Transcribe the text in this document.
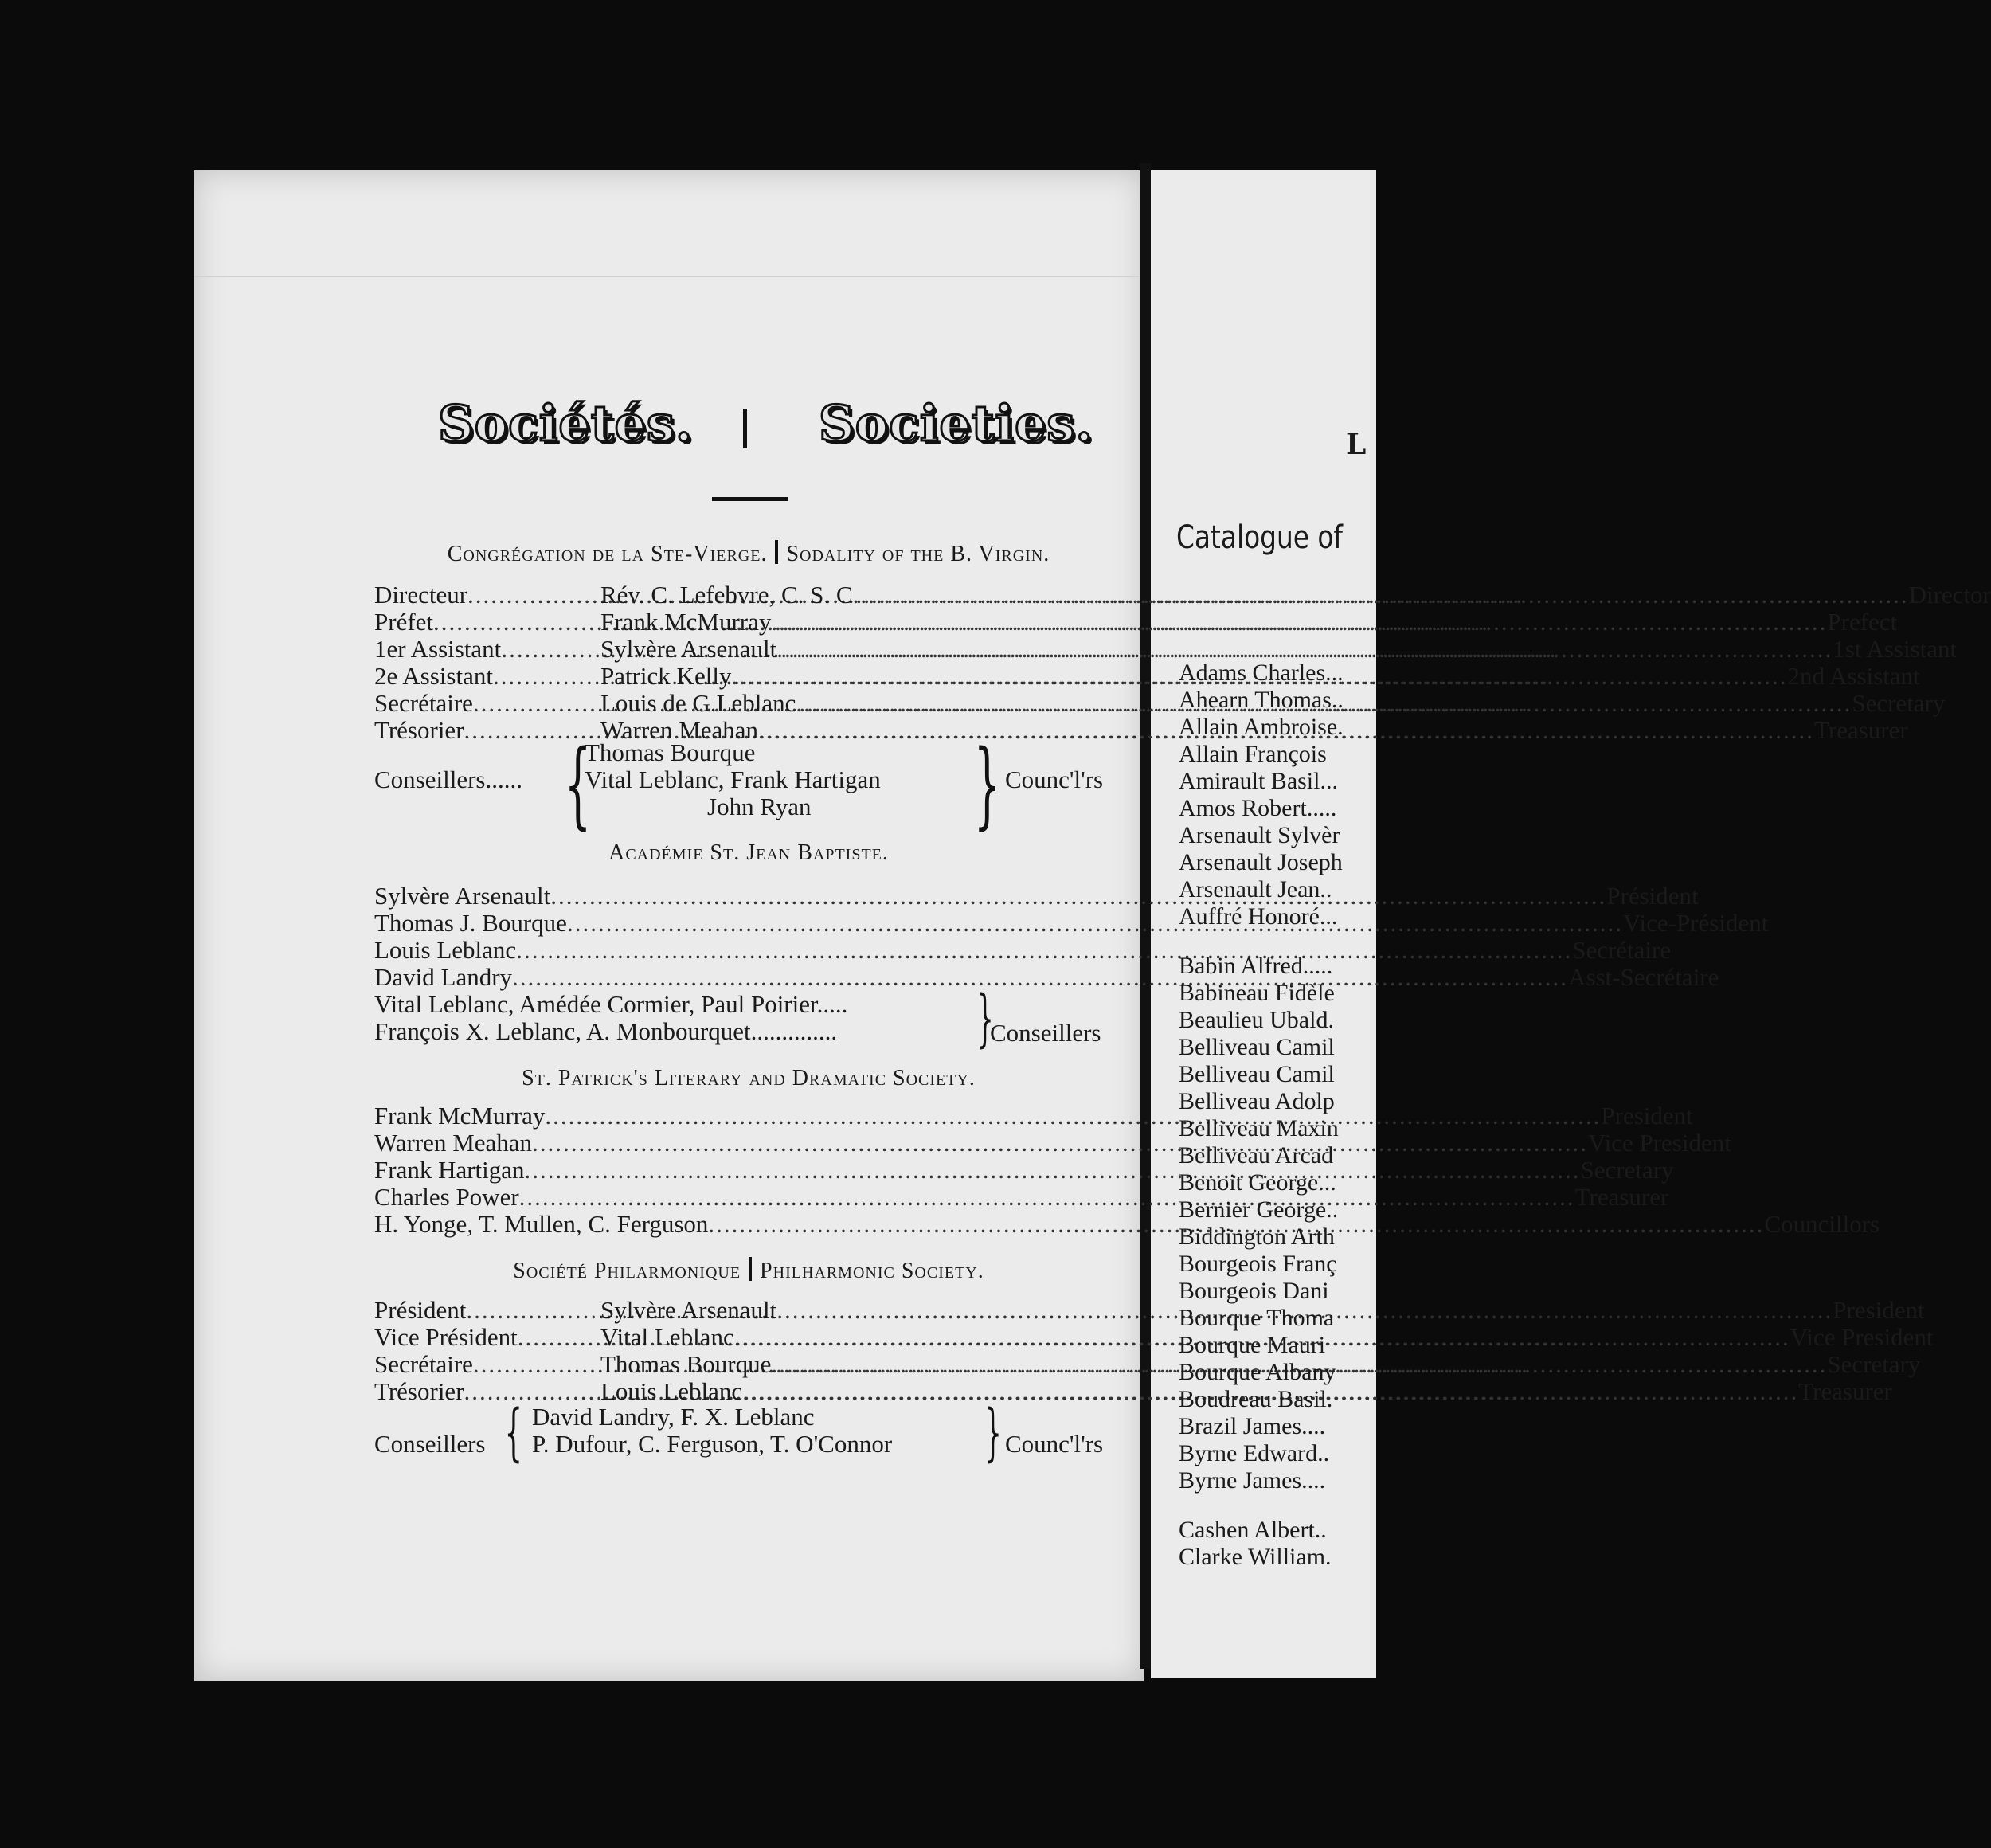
Sociétés.	Societies.
Congrégation de la Ste-Vierge. Sodality of the B. Virgin.
Directeur .....	Rév. C. Lefebvre, C. S. C .....	Director
Préfet .....	Frank McMurray .....	Prefect
1er Assistant .....	Sylvère Arsenault .....	1st Assistant
2e Assistant .....	Patrick Kelly .....	2nd Assistant
Secrétaire .....	Louis de G.Leblanc .....	Secretary
Trésorier .....	Warren Meahan .....	Treasurer
Conseillers...... {
Thomas Bourque
Vital Leblanc, Frank Hartigan
John Ryan } Counc'l'rs
Académie St. Jean Baptiste.
Sylvère Arsenault .....	Président
Thomas J. Bourque .....	Vice-Président
Louis Leblanc .....	Secrétaire
David Landry .....	Asst-Secrétaire
Vital Leblanc, Amédée Cormier, Paul Poirier.....
François X. Leblanc, A. Monbourquet.............. }
Conseillers
St. Patrick's Literary and Dramatic Society.
Frank McMurray .....	President
Warren Meahan .....	Vice President
Frank Hartigan .....	Secretary
Charles Power .....	Treasurer
H. Yonge, T. Mullen, C. Ferguson .....	Councillors
Société Philarmonique Philharmonic Society.
Président .....	Sylvère Arsenault .....	President
Vice Président .....	Vital Leblanc .....	Vice President
Secrétaire .....	Thomas Bourque .....	Secretary
Trésorier .....	Louis Leblanc .....	Treasurer
Conseillers { David Landry, F. X. Leblanc
P. Dufour, C. Ferguson, T. O'Connor } Counc'l'rs
L
Catalogue of
Adams Charles...
Ahearn Thomas..
Allain Ambroise.
Allain François
Amirault Basil...
Amos Robert.....
Arsenault Sylvèr
Arsenault Joseph
Arsenault Jean..
Auffré Honoré...
Babin Alfred.....
Babineau Fidèle
Beaulieu Ubald.
Belliveau Camil
Belliveau Camil
Belliveau Adolp
Belliveau Maxin
Belliveau Arcad
Benoit George...
Bernier George..
Biddington Arth
Bourgeois Franç
Bourgeois Dani
Bourque Thoma
Bourque Mauri
Bourque Albany
Boudreau Basil.
Brazil James....
Byrne Edward..
Byrne James....
Cashen Albert..
Clarke William.
